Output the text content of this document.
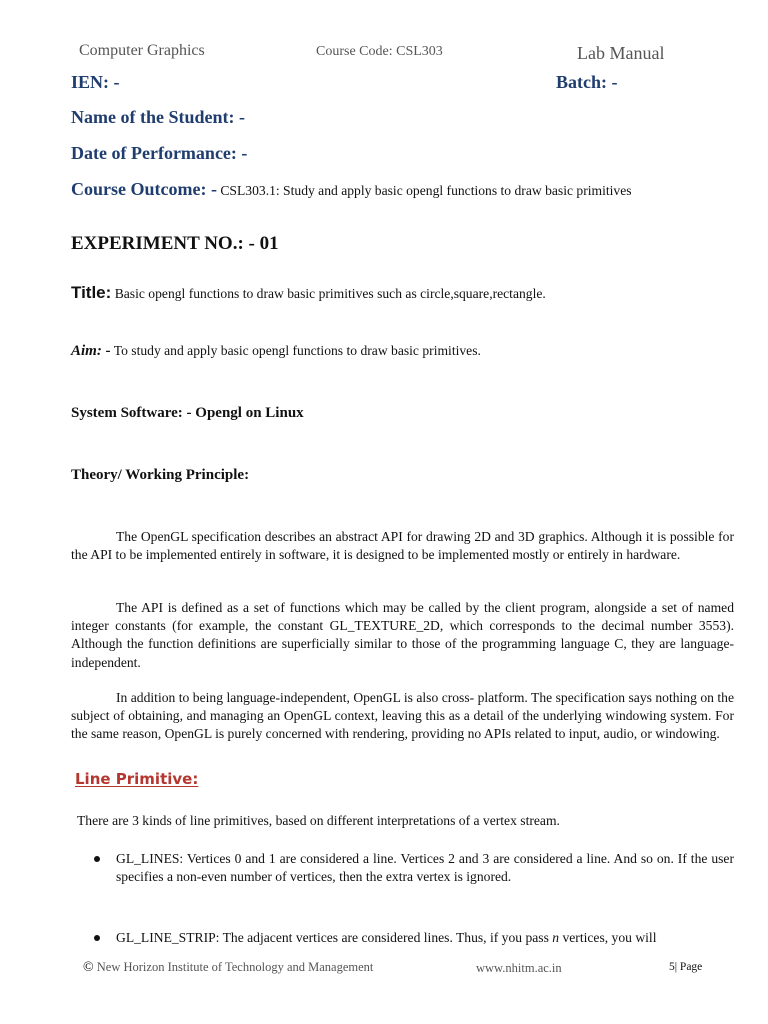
Computer Graphics	Course Code: CSL303	Lab Manual
IEN: -	Batch: -
Name of the Student: -
Date of Performance: -
Course Outcome: - CSL303.1: Study and apply basic opengl functions to draw basic primitives
EXPERIMENT NO.: - 01
Title: Basic opengl functions to draw basic primitives such as circle,square,rectangle.
Aim: - To study and apply basic opengl functions to draw basic primitives.
System Software: - Opengl on Linux
Theory/ Working Principle:
The OpenGL specification describes an abstract API for drawing 2D and 3D graphics. Although it is possible for the API to be implemented entirely in software, it is designed to be implemented mostly or entirely in hardware.
The API is defined as a set of functions which may be called by the client program, alongside a set of named integer constants (for example, the constant GL_TEXTURE_2D, which corresponds to the decimal number 3553). Although the function definitions are superficially similar to those of the programming language C, they are language-independent.
In addition to being language-independent, OpenGL is also cross- platform. The specification says nothing on the subject of obtaining, and managing an OpenGL context, leaving this as a detail of the underlying windowing system. For the same reason, OpenGL is purely concerned with rendering, providing no APIs related to input, audio, or windowing.
Line Primitive:
There are 3 kinds of line primitives, based on different interpretations of a vertex stream.
GL_LINES: Vertices 0 and 1 are considered a line. Vertices 2 and 3 are considered a line. And so on. If the user specifies a non-even number of vertices, then the extra vertex is ignored.
GL_LINE_STRIP: The adjacent vertices are considered lines. Thus, if you pass n vertices, you will
© New Horizon Institute of Technology and Management	www.nhitm.ac.in	5| Page
